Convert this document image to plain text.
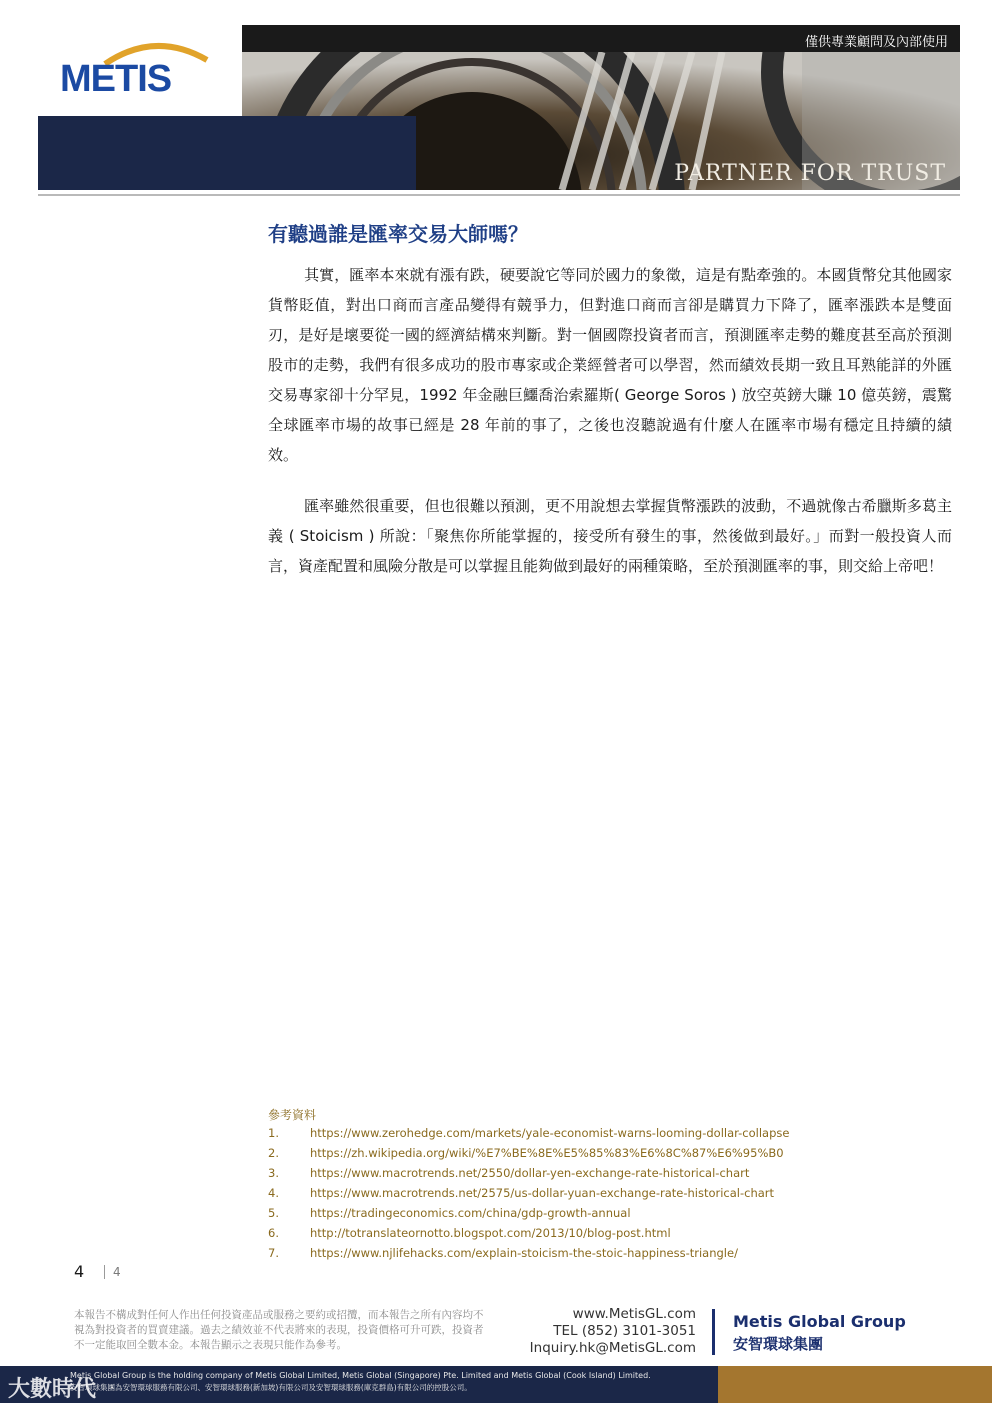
METIS
PARTNER FOR TRUST
僅供專業顧問及內部使用
有聽過誰是匯率交易大師嗎？
其實，匯率本來就有漲有跌，硬要說它等同於國力的象徵，這是有點牽強的。本國貨幣兌其他國家貨幣貶值，對出口商而言產品變得有競爭力，但對進口商而言卻是購買力下降了，匯率漲跌本是雙面刃，是好是壞要從一國的經濟結構來判斷。對一個國際投資者而言，預測匯率走勢的難度甚至高於預測股市的走勢，我們有很多成功的股市專家或企業經營者可以學習，然而績效長期一致且耳熟能詳的外匯交易專家卻十分罕見，1992 年金融巨鱷喬治索羅斯( George Soros ) 放空英鎊大賺 10 億英鎊，震驚全球匯率市場的故事已經是 28 年前的事了，之後也沒聽說過有什麼人在匯率市場有穩定且持續的績效。
匯率雖然很重要，但也很難以預測，更不用說想去掌握貨幣漲跌的波動，不過就像古希臘斯多葛主義 ( Stoicism ) 所說：「聚焦你所能掌握的，接受所有發生的事，然後做到最好。」而對一般投資人而言，資產配置和風險分散是可以掌握且能夠做到最好的兩種策略，至於預測匯率的事，則交給上帝吧！
參考資料
1.	https://www.zerohedge.com/markets/yale-economist-warns-looming-dollar-collapse
2.	https://zh.wikipedia.org/wiki/%E7%BE%8E%E5%85%83%E6%8C%87%E6%95%B0
3.	https://www.macrotrends.net/2550/dollar-yen-exchange-rate-historical-chart
4.	https://www.macrotrends.net/2575/us-dollar-yuan-exchange-rate-historical-chart
5.	https://tradingeconomics.com/china/gdp-growth-annual
6.	http://totranslateornotto.blogspot.com/2013/10/blog-post.html
7.	https://www.njlifehacks.com/explain-stoicism-the-stoic-happiness-triangle/
4 4
本報告不構成對任何人作出任何投資產品或服務之要約或招攬，而本報告之所有內容均不視為對投資者的買賣建議。過去之績效並不代表將來的表現，投資價格可升可跌，投資者不一定能取回全數本金。本報告顯示之表現只能作為參考。
www.MetisGL.com
TEL (852) 3101-3051
Inquiry.hk@MetisGL.com
Metis Global Group
安智環球集團
Metis Global Group is the holding company of Metis Global Limited, Metis Global (Singapore) Pte. Limited and Metis Global (Cook Island) Limited.
安智環球集團為安智環球服務有限公司、安智環球服務(新加坡)有限公司及安智環球服務(庫克群島)有限公司的控股公司。
大數時代
